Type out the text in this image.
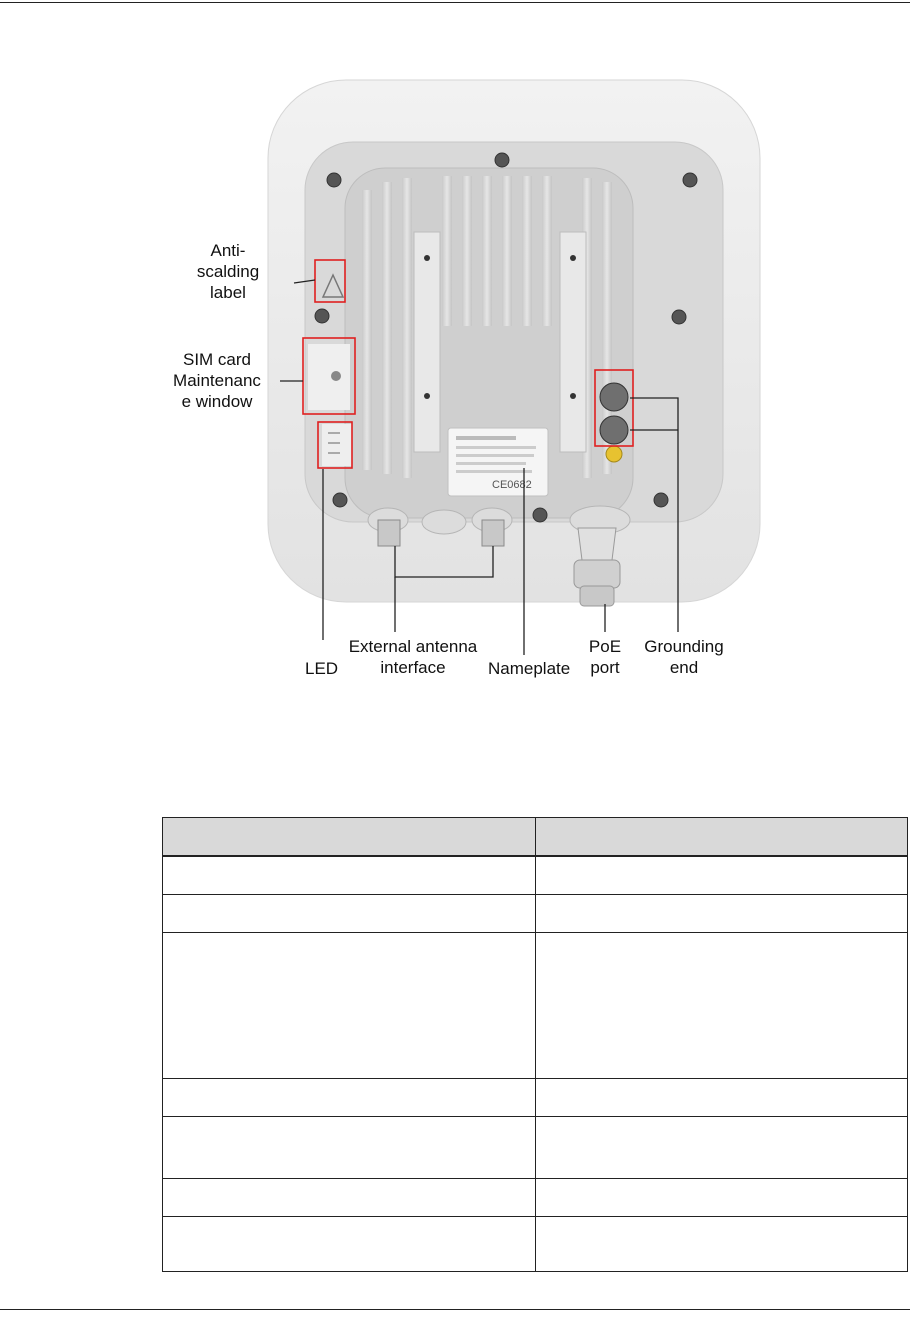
CE0682
Anti-
scalding
label
SIM card
Maintenanc
e window
LED
External antenna
interface	Nameplate
PoE
port
Grounding
end
